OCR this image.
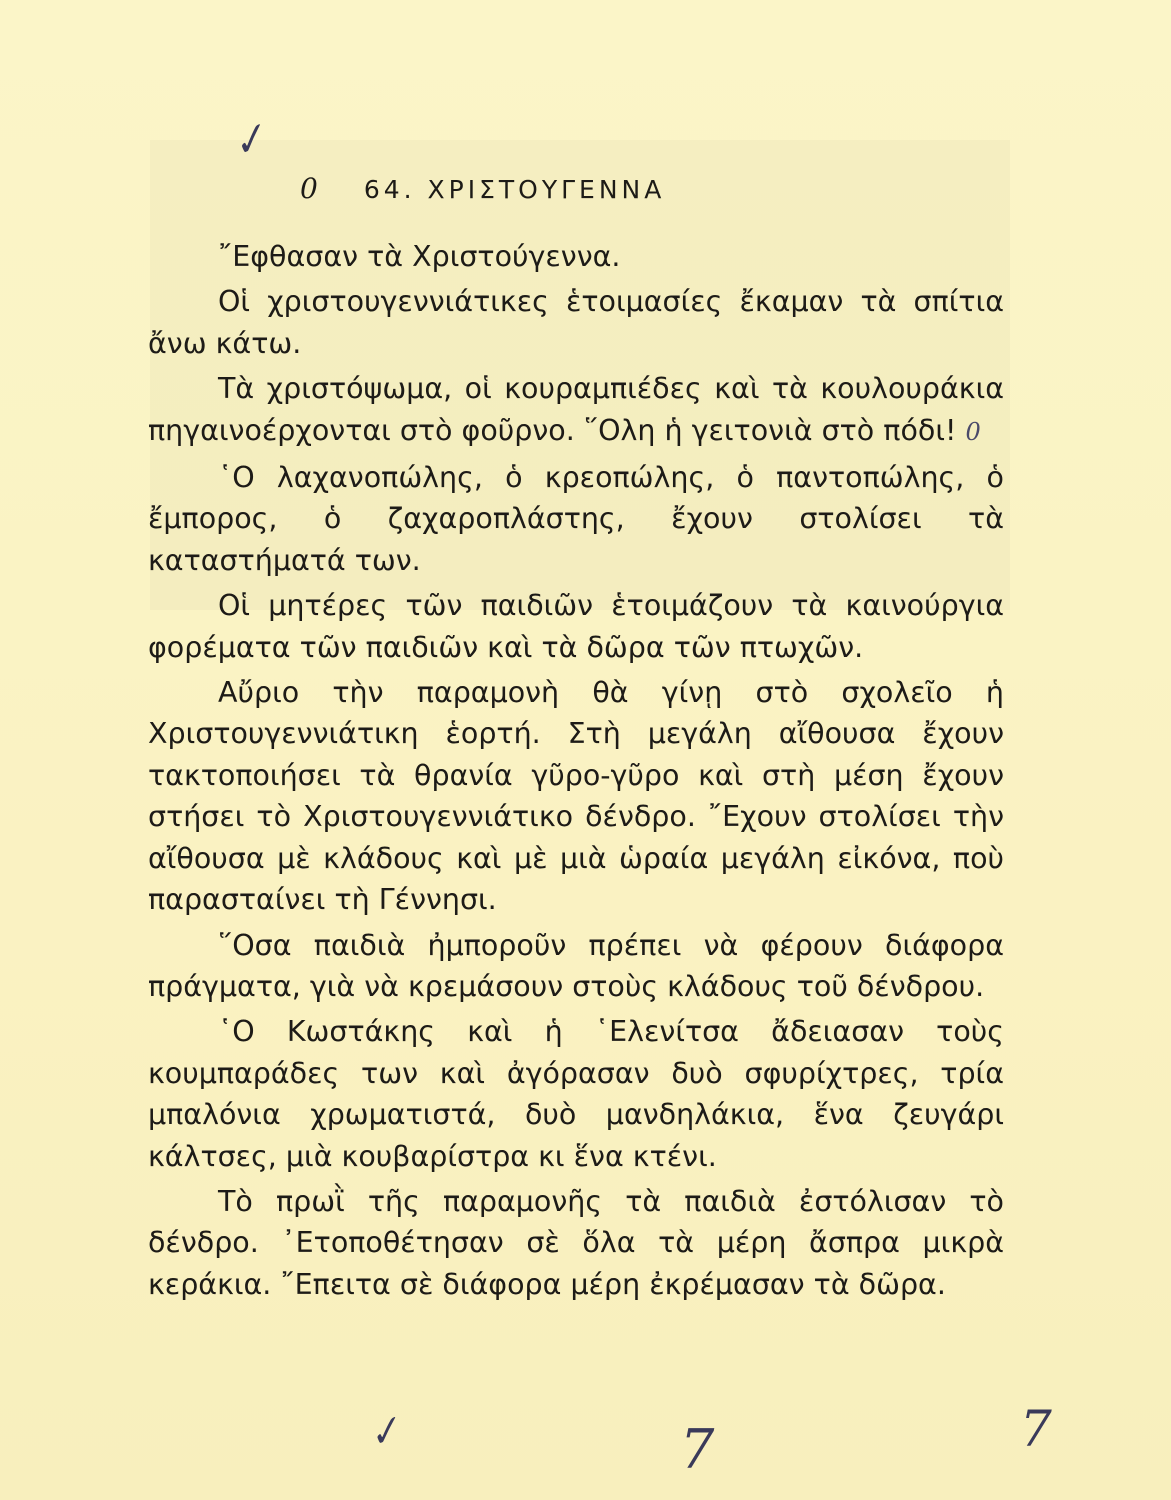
✓
0 64. ΧΡΙΣΤΟΥΓΕΝΝΑ

῎Εφθασαν τὰ Χριστούγεννα.

Οἱ χριστουγεννιάτικες ἑτοιμασίες ἔκαμαν τὰ σπίτια ἄνω κάτω.

Τὰ χριστόψωμα, οἱ κουραμπιέδες καὶ τὰ κουλουράκια πηγαινοέρχονται στὸ φοῦρνο. ῞Ολη ἡ γειτονιὰ στὸ πόδι! 0

῾Ο λαχανοπώλης, ὁ κρεοπώλης, ὁ παντοπώλης, ὁ ἔμπορος, ὁ ζαχαροπλάστης, ἔχουν στολίσει τὰ καταστήματά των.

Οἱ μητέρες τῶν παιδιῶν ἑτοιμάζουν τὰ καινούργια φορέματα τῶν παιδιῶν καὶ τὰ δῶρα τῶν πτωχῶν.

Αὔριο τὴν παραμονὴ θὰ γίνῃ στὸ σχολεῖο ἡ Χριστουγεννιάτικη ἑορτή. Στὴ μεγάλη αἴθουσα ἔχουν τακτοποιήσει τὰ θρανία γῦρο-γῦρο καὶ στὴ μέση ἔχουν στήσει τὸ Χριστουγεννιάτικο δένδρο. ῎Εχουν στολίσει τὴν αἴθουσα μὲ κλάδους καὶ μὲ μιὰ ὡραία μεγάλη εἰκόνα, ποὺ παρασταίνει τὴ Γέννησι.

῞Οσα παιδιὰ ἠμποροῦν πρέπει νὰ φέρουν διάφορα πράγματα, γιὰ νὰ κρεμάσουν στοὺς κλάδους τοῦ δένδρου.

῾Ο Κωστάκης καὶ ἡ ῾Ελενίτσα ἄδειασαν τοὺς κουμπαράδες των καὶ ἀγόρασαν δυὸ σφυρίχτρες, τρία μπαλόνια χρωματιστά, δυὸ μανδηλάκια, ἕνα ζευγάρι κάλτσες, μιὰ κουβαρίστρα κι ἕνα κτένι.

Τὸ πρωῒ τῆς παραμονῆς τὰ παιδιὰ ἐστόλισαν τὸ δένδρο. ᾿Ετοποθέτησαν σὲ ὅλα τὰ μέρη ἄσπρα μικρὰ κεράκια. ῎Επειτα σὲ διάφορα μέρη ἐκρέμασαν τὰ δῶρα.

✓	7	7
